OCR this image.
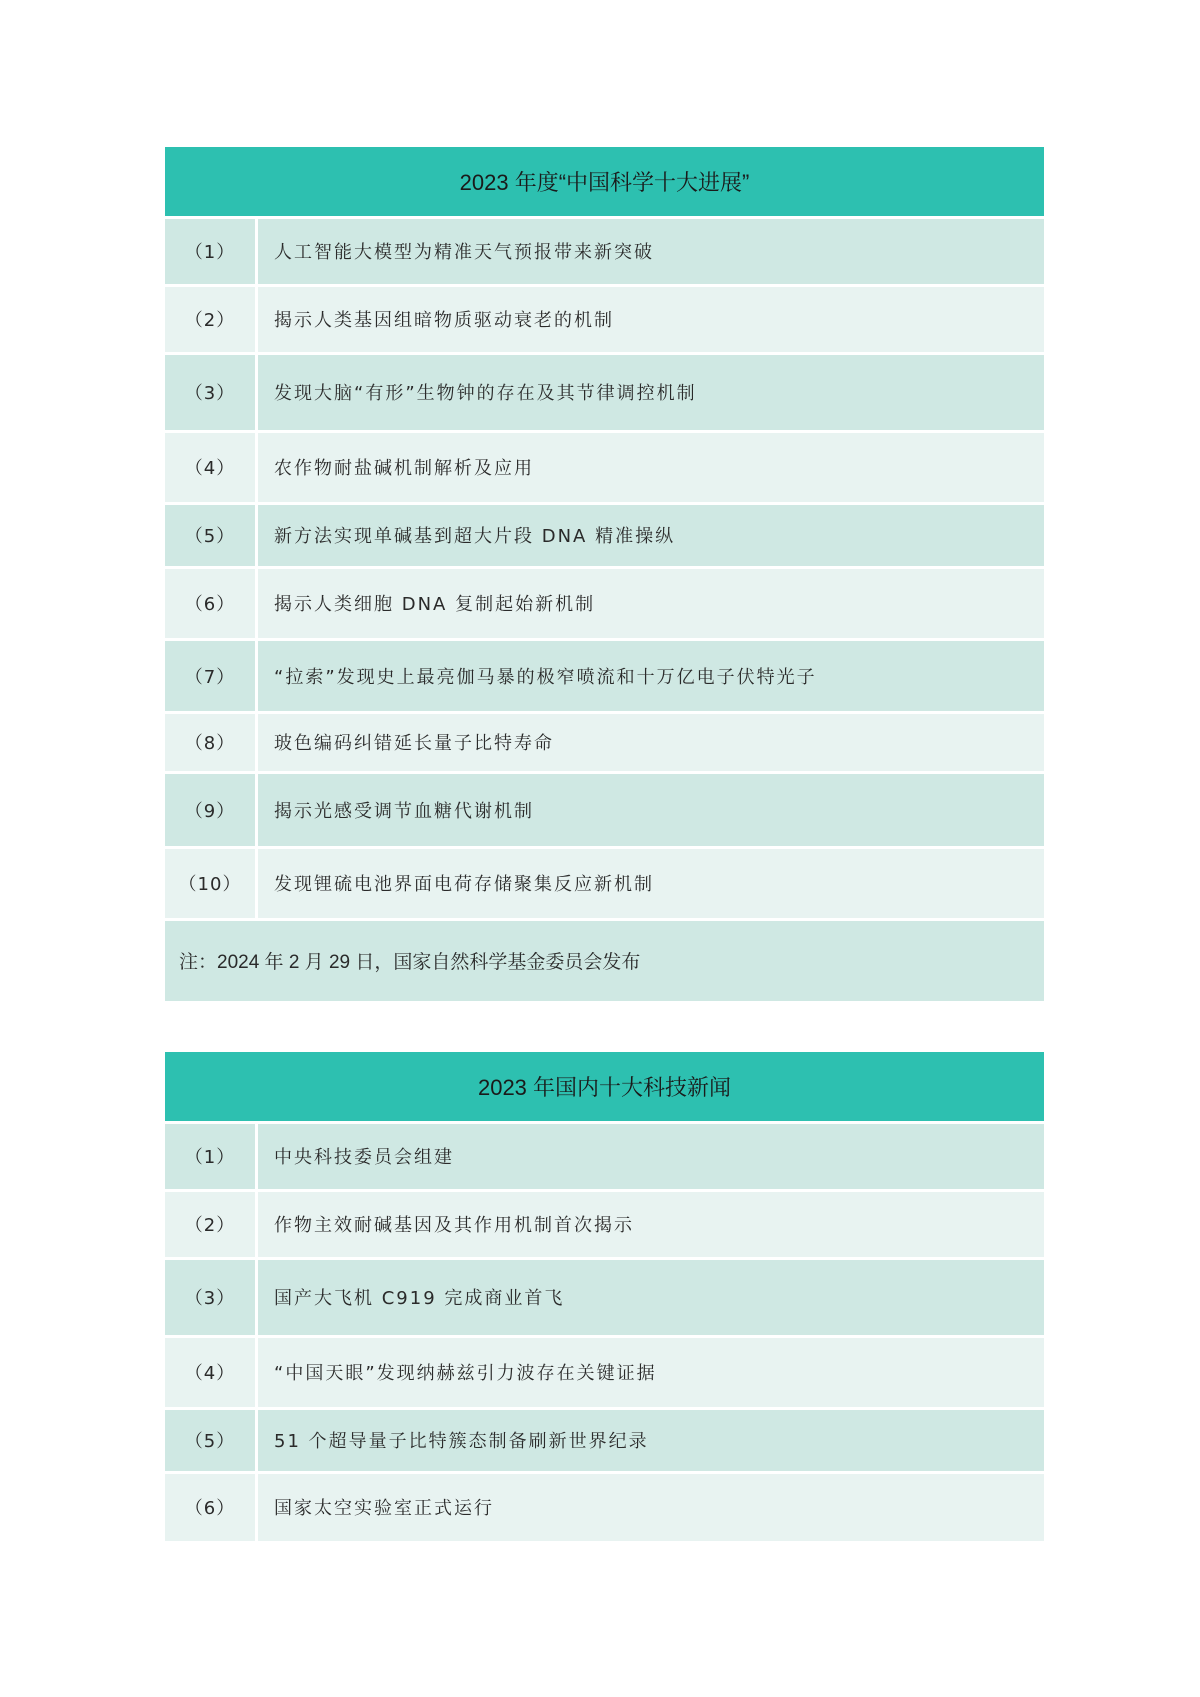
2023 年度“中国科学十大进展”	
（1）	人工智能大模型为精准天气预报带来新突破
（2）	揭示人类基因组暗物质驱动衰老的机制
（3）	发现大脑“有形”生物钟的存在及其节律调控机制
（4）	农作物耐盐碱机制解析及应用
（5）	新方法实现单碱基到超大片段 DNA 精准操纵
（6）	揭示人类细胞 DNA 复制起始新机制
（7）	“拉索”发现史上最亮伽马暴的极窄喷流和十万亿电子伏特光子
（8）	玻色编码纠错延长量子比特寿命
（9）	揭示光感受调节血糖代谢机制
（10）	发现锂硫电池界面电荷存储聚集反应新机制
注：2024 年 2 月 29 日，国家自然科学基金委员会发布	
2023 年国内十大科技新闻	
（1）	中央科技委员会组建
（2）	作物主效耐碱基因及其作用机制首次揭示
（3）	国产大飞机 C919 完成商业首飞
（4）	“中国天眼”发现纳赫兹引力波存在关键证据
（5）	51 个超导量子比特簇态制备刷新世界纪录
（6）	国家太空实验室正式运行
